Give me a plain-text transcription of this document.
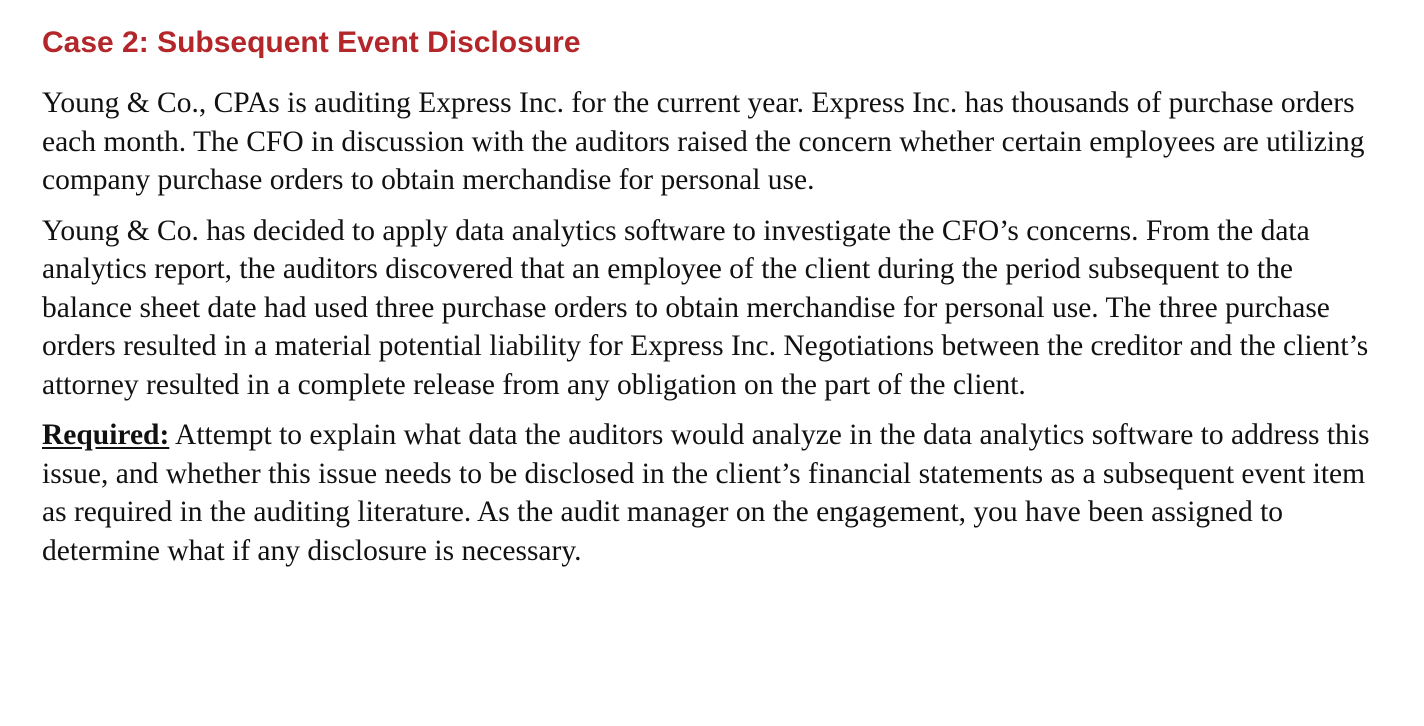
Case 2: Subsequent Event Disclosure

Young & Co., CPAs is auditing Express Inc. for the current year. Express Inc. has thousands of purchase orders each month. The CFO in discussion with the auditors raised the concern whether certain employees are utilizing company purchase orders to obtain merchandise for personal use.

Young & Co. has decided to apply data analytics software to investigate the CFO’s concerns. From the data analytics report, the auditors discovered that an employee of the client during the period subsequent to the balance sheet date had used three purchase orders to obtain merchandise for personal use. The three purchase orders resulted in a material potential liability for Express Inc. Negotiations between the creditor and the client’s attorney resulted in a complete release from any obligation on the part of the client.

Required: Attempt to explain what data the auditors would analyze in the data analytics software to address this issue, and whether this issue needs to be disclosed in the client’s financial statements as a subsequent event item as required in the auditing literature. As the audit manager on the engagement, you have been assigned to determine what if any disclosure is necessary.
